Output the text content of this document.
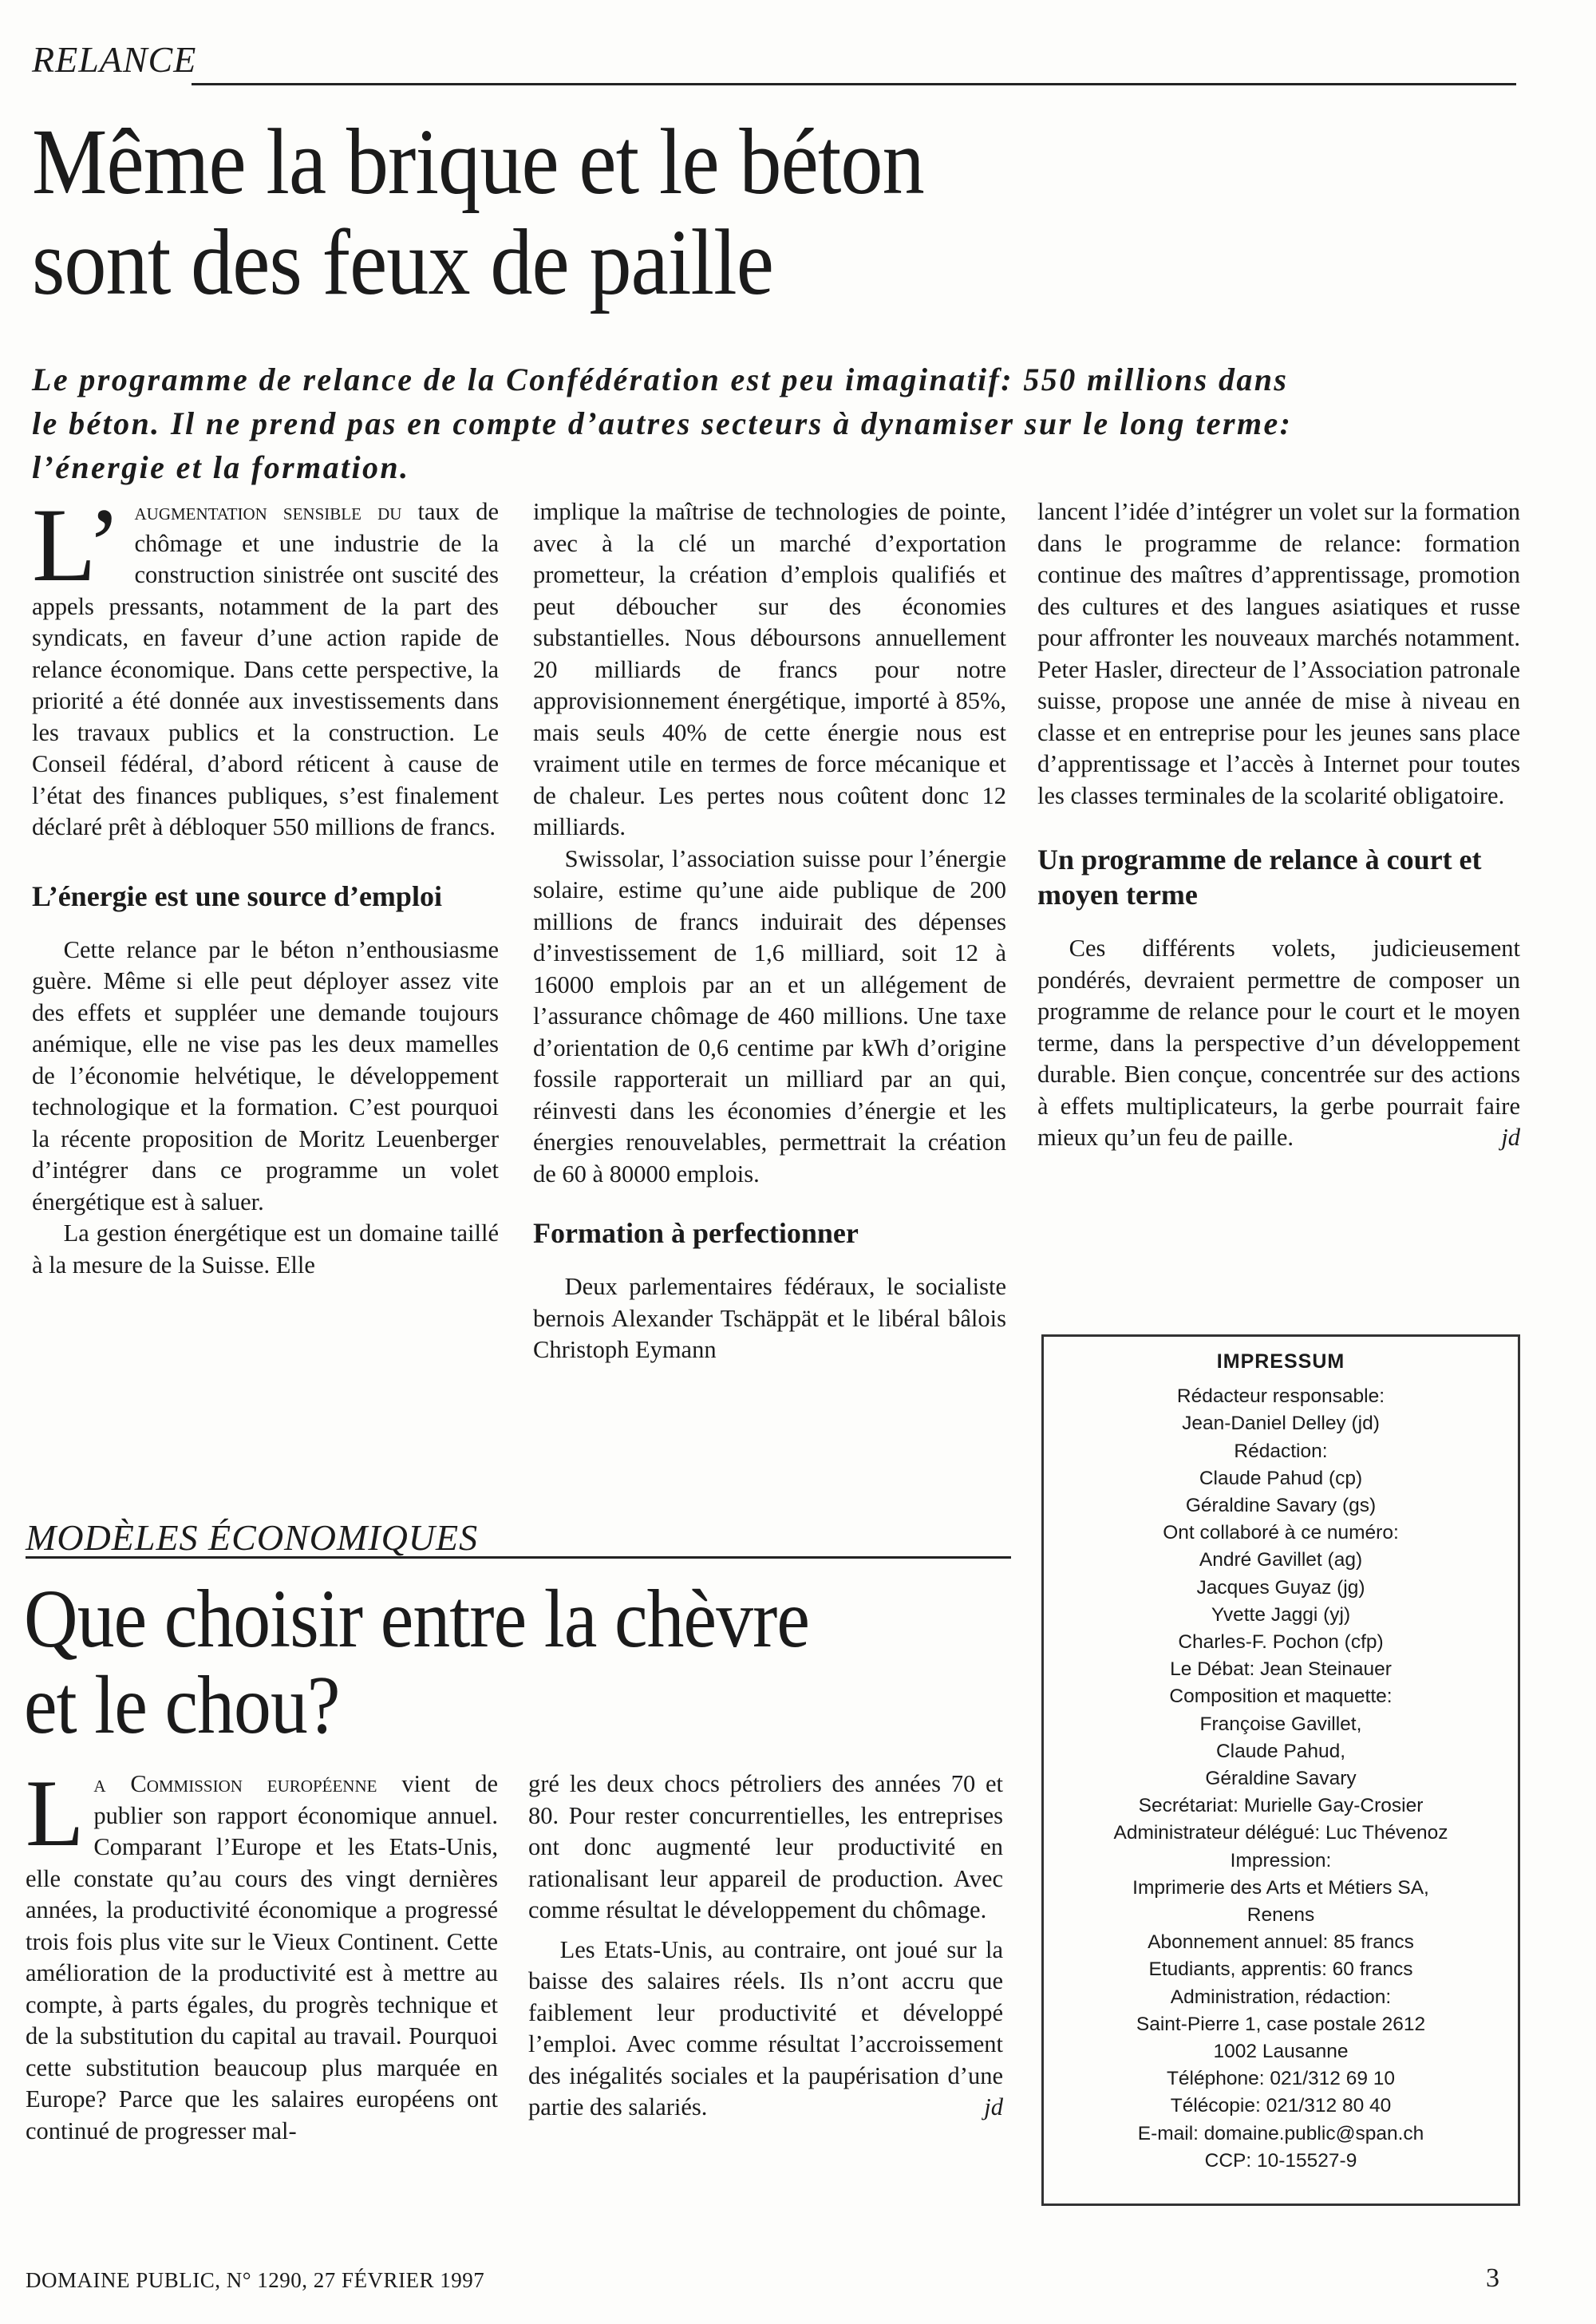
RELANCE
Même la brique et le béton
sont des feux de paille
Le programme de relance de la Confédération est peu imaginatif: 550 millions dans le béton. Il ne prend pas en compte d’autres secteurs à dynamiser sur le long terme: l’énergie et la formation.

L’ augmentation sensible du taux de chômage et une industrie de la construction sinistrée ont suscité des appels pressants, notamment de la part des syndicats, en faveur d’une action rapide de relance économique. Dans cette perspective, la priorité a été donnée aux investissements dans les travaux publics et la construction. Le Conseil fédéral, d’abord réticent à cause de l’état des finances publiques, s’est finalement déclaré prêt à débloquer 550 millions de francs.

L’énergie est une source d’emploi

Cette relance par le béton n’enthousiasme guère. Même si elle peut déployer assez vite des effets et suppléer une demande toujours anémique, elle ne vise pas les deux mamelles de l’économie helvétique, le développement technologique et la formation. C’est pourquoi la récente proposition de Moritz Leuenberger d’intégrer dans ce programme un volet énergétique est à saluer.

La gestion énergétique est un domaine taillé à la mesure de la Suisse. Elle

implique la maîtrise de technologies de pointe, avec à la clé un marché d’exportation prometteur, la création d’emplois qualifiés et peut déboucher sur des économies substantielles. Nous déboursons annuellement 20 milliards de francs pour notre approvisionnement énergétique, importé à 85%, mais seuls 40% de cette énergie nous est vraiment utile en termes de force mécanique et de chaleur. Les pertes nous coûtent donc 12 milliards.

Swissolar, l’association suisse pour l’énergie solaire, estime qu’une aide publique de 200 millions de francs induirait des dépenses d’investissement de 1,6 milliard, soit 12 à 16000 emplois par an et un allégement de l’assurance chômage de 460 millions. Une taxe d’orientation de 0,6 centime par kWh d’origine fossile rapporterait un milliard par an qui, réinvesti dans les économies d’énergie et les énergies renouvelables, permettrait la création de 60 à 80000 emplois.

Formation à perfectionner

Deux parlementaires fédéraux, le socialiste bernois Alexander Tschäppät et le libéral bâlois Christoph Eymann

lancent l’idée d’intégrer un volet sur la formation dans le programme de relance: formation continue des maîtres d’apprentissage, promotion des cultures et des langues asiatiques et russe pour affronter les nouveaux marchés notamment. Peter Hasler, directeur de l’Association patronale suisse, propose une année de mise à niveau en classe et en entreprise pour les jeunes sans place d’apprentissage et l’accès à Internet pour toutes les classes terminales de la scolarité obligatoire.

Un programme de relance à court et moyen terme

Ces différents volets, judicieusement pondérés, devraient permettre de composer un programme de relance pour le court et le moyen terme, dans la perspective d’un développement durable. Bien conçue, concentrée sur des actions à effets multiplicateurs, la gerbe pourrait faire mieux qu’un feu de paille.	jd

IMPRESSUM
Rédacteur responsable:
Jean-Daniel Delley (jd)
Rédaction:
Claude Pahud (cp)
Géraldine Savary (gs)
Ont collaboré à ce numéro:
André Gavillet (ag)
Jacques Guyaz (jg)
Yvette Jaggi (yj)
Charles-F. Pochon (cfp)
Le Débat: Jean Steinauer
Composition et maquette:
Françoise Gavillet,
Claude Pahud,
Géraldine Savary
Secrétariat: Murielle Gay-Crosier
Administrateur délégué: Luc Thévenoz
Impression:
Imprimerie des Arts et Métiers SA,
Renens
Abonnement annuel: 85 francs
Etudiants, apprentis: 60 francs
Administration, rédaction:
Saint-Pierre 1, case postale 2612
1002 Lausanne
Téléphone: 021/312 69 10
Télécopie: 021/312 80 40
E-mail: domaine.public@span.ch
CCP: 10-15527-9
MODÈLES ÉCONOMIQUES
Que choisir entre la chèvre
et le chou?

La Commission européenne vient de publier son rapport économique annuel. Comparant l’Europe et les Etats-Unis, elle constate qu’au cours des vingt dernières années, la productivité économique a progressé trois fois plus vite sur le Vieux Continent. Cette amélioration de la productivité est à mettre au compte, à parts égales, du progrès technique et de la substitution du capital au travail. Pourquoi cette substitution beaucoup plus marquée en Europe? Parce que les salaires européens ont continué de progresser mal-

gré les deux chocs pétroliers des années 70 et 80. Pour rester concurrentielles, les entreprises ont donc augmenté leur productivité en rationalisant leur appareil de production. Avec comme résultat le développement du chômage.

Les Etats-Unis, au contraire, ont joué sur la baisse des salaires réels. Ils n’ont accru que faiblement leur productivité et développé l’emploi. Avec comme résultat l’accroissement des inégalités sociales et la paupérisation d’une partie des salariés.	jd

DOMAINE PUBLIC, N° 1290, 27 FÉVRIER 1997	3
